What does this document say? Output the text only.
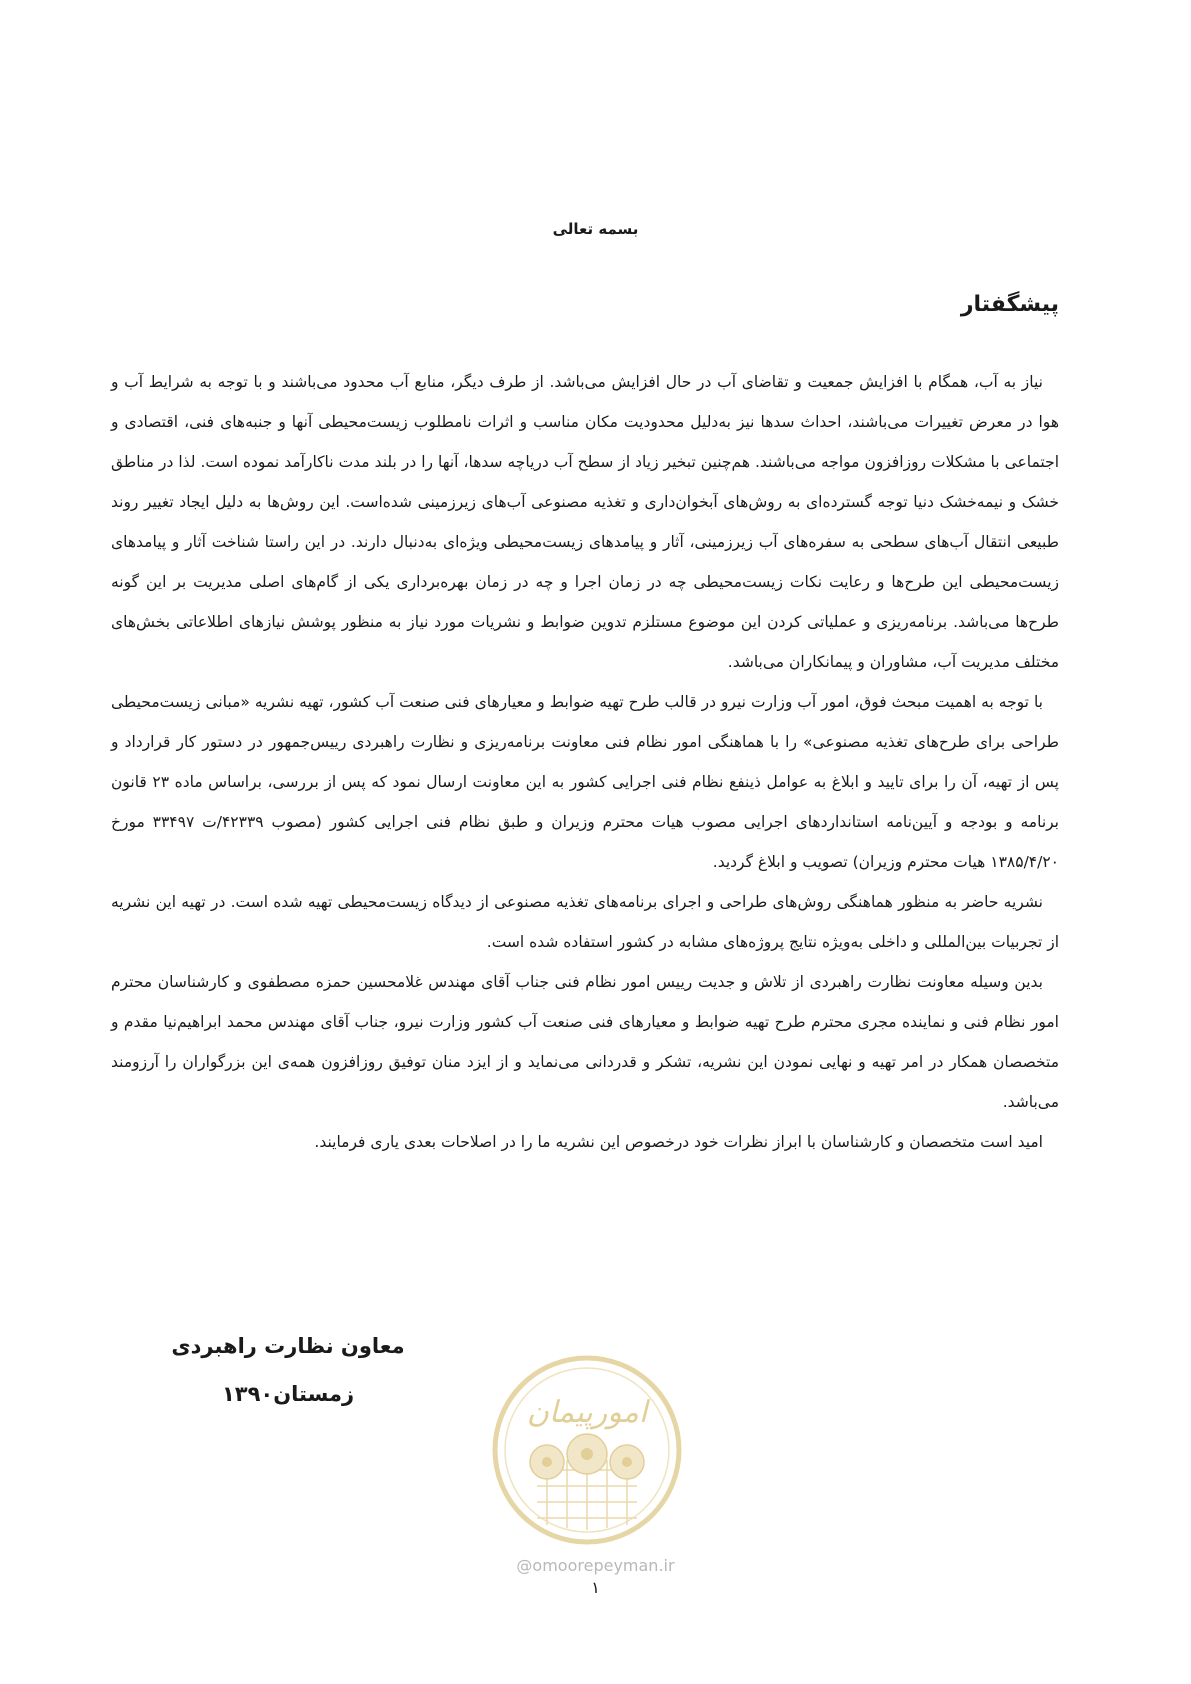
بسمه تعالی
پیشگفتار

نیاز به آب، همگام با افزایش جمعیت و تقاضای آب در حال افزایش می‌باشد. از طرف دیگر، منابع آب محدود می‌باشند و با توجه به شرایط آب و هوا در معرض تغییرات می‌باشند، احداث سدها نیز به‌دلیل محدودیت مکان مناسب و اثرات نامطلوب زیست‌محیطی آنها و جنبه‌های فنی، اقتصادی و اجتماعی با مشکلات روزافزون مواجه می‌باشند. هم‌چنین تبخیر زیاد از سطح آب دریاچه سدها، آنها را در بلند مدت ناکارآمد نموده است. لذا در مناطق خشک و نیمه‌خشک دنیا توجه گسترده‌ای به روش‌های آبخوان‌داری و تغذیه مصنوعی آب‌های زیرزمینی شده‌است. این روش‌ها به دلیل ایجاد تغییر روند طبیعی انتقال آب‌های سطحی به سفره‌های آب زیرزمینی، آثار و پیامدهای زیست‌محیطی ویژه‌ای به‌دنبال دارند. در این راستا شناخت آثار و پیامدهای زیست‌محیطی این طرح‌ها و رعایت نکات زیست‌محیطی چه در زمان اجرا و چه در زمان بهره‌برداری یکی از گام‌های اصلی مدیریت بر این گونه طرح‌ها می‌باشد. برنامه‌ریزی و عملیاتی کردن این موضوع مستلزم تدوین ضوابط و نشریات مورد نیاز به منظور پوشش نیازهای اطلاعاتی بخش‌های مختلف مدیریت آب، مشاوران و پیمانکاران می‌باشد.

با توجه به اهمیت مبحث فوق، امور آب وزارت نیرو در قالب طرح تهیه ضوابط و معیارهای فنی صنعت آب کشور، تهیه نشریه «مبانی زیست‌محیطی طراحی برای طرح‌های تغذیه مصنوعی» را با هماهنگی امور نظام فنی معاونت برنامه‌ریزی و نظارت راهبردی رییس‌جمهور در دستور کار قرارداد و پس از تهیه، آن را برای تایید و ابلاغ به عوامل ذینفع نظام فنی اجرایی کشور به این معاونت ارسال نمود که پس از بررسی، براساس ماده ۲۳ قانون برنامه و بودجه و آیین‌نامه استانداردهای اجرایی مصوب هیات محترم وزیران و طبق نظام فنی اجرایی کشور (مصوب ۴۲۳۳۹/ت ۳۳۴۹۷ مورخ ۱۳۸۵/۴/۲۰ هیات محترم وزیران) تصویب و ابلاغ گردید.

نشریه حاضر به منظور هماهنگی روش‌های طراحی و اجرای برنامه‌های تغذیه مصنوعی از دیدگاه زیست‌محیطی تهیه شده است. در تهیه این نشریه از تجربیات بین‌المللی و داخلی به‌ویژه نتایج پروژه‌های مشابه در کشور استفاده شده است.

بدین وسیله معاونت نظارت راهبردی از تلاش و جدیت رییس امور نظام فنی جناب آقای مهندس غلامحسین حمزه مصطفوی و کارشناسان محترم امور نظام فنی و نماینده مجری محترم طرح تهیه ضوابط و معیارهای فنی صنعت آب کشور وزارت نیرو، جناب آقای مهندس محمد ابراهیم‌نیا مقدم و متخصصان همکار در امر تهیه و نهایی نمودن این نشریه، تشکر و قدردانی می‌نماید و از ایزد منان توفیق روزافزون همه‌ی این بزرگواران را آرزومند می‌باشد.

امید است متخصصان و کارشناسان با ابراز نظرات خود درخصوص این نشریه ما را در اصلاحات بعدی یاری فرمایند.

معاون نظارت راهبردی
زمستان۱۳۹۰
امورپیمان
@omoorepeyman.ir
۱
